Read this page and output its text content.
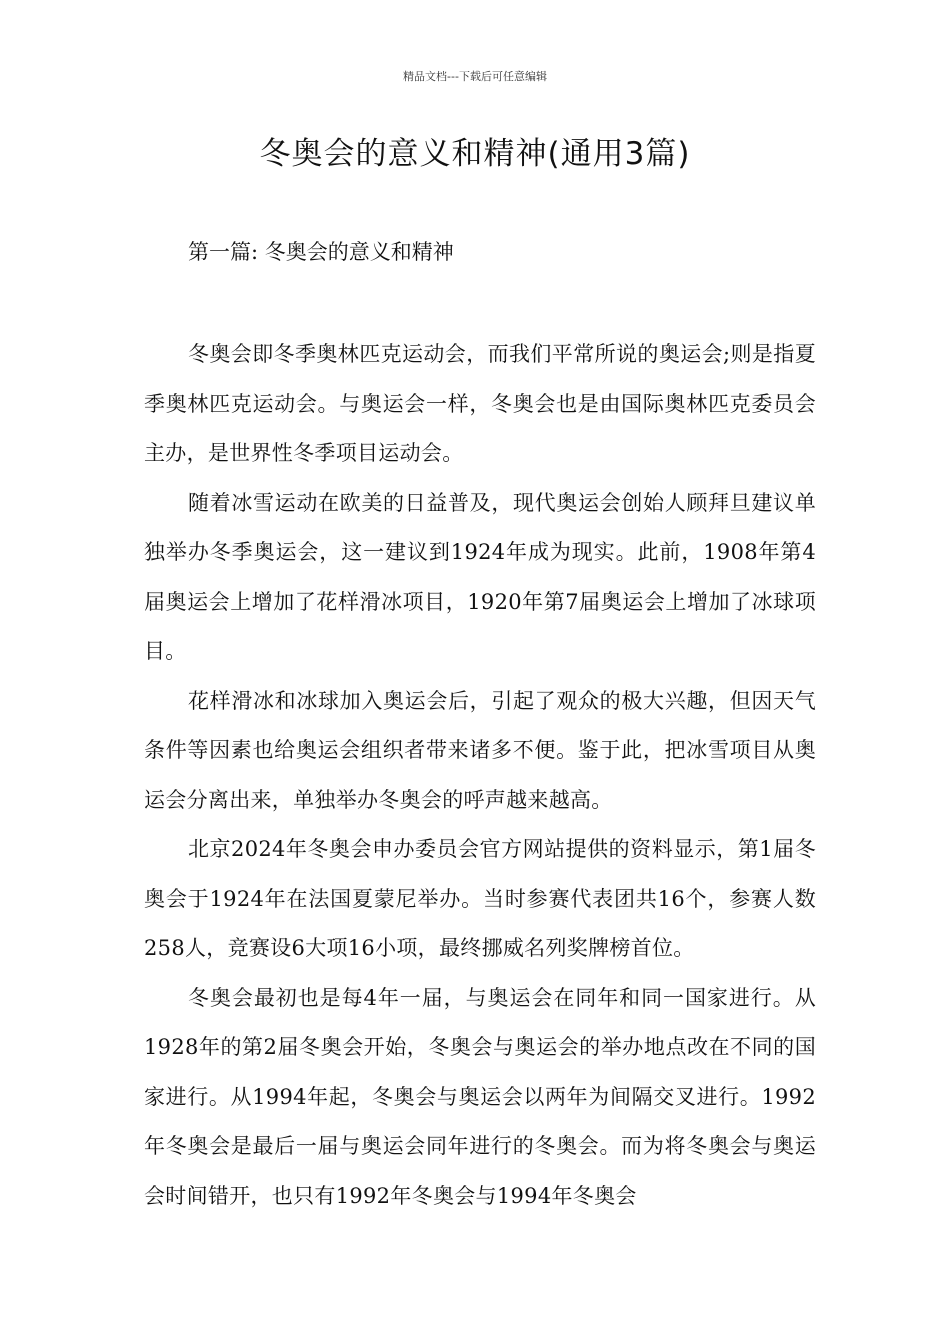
精品文档---下载后可任意编辑
冬奥会的意义和精神(通用3篇)
第一篇: 冬奥会的意义和精神

冬奥会即冬季奥林匹克运动会，而我们平常所说的奥运会;则是指夏季奥林匹克运动会。与奥运会一样，冬奥会也是由国际奥林匹克委员会主办，是世界性冬季项目运动会。

随着冰雪运动在欧美的日益普及，现代奥运会创始人顾拜旦建议单独举办冬季奥运会，这一建议到1924年成为现实。此前，1908年第4届奥运会上增加了花样滑冰项目，1920年第7届奥运会上增加了冰球项目。

花样滑冰和冰球加入奥运会后，引起了观众的极大兴趣，但因天气条件等因素也给奥运会组织者带来诸多不便。鉴于此，把冰雪项目从奥运会分离出来，单独举办冬奥会的呼声越来越高。

北京2024年冬奥会申办委员会官方网站提供的资料显示，第1届冬奥会于1924年在法国夏蒙尼举办。当时参赛代表团共16个，参赛人数258人，竞赛设6大项16小项，最终挪威名列奖牌榜首位。

冬奥会最初也是每4年一届，与奥运会在同年和同一国家进行。从1928年的第2届冬奥会开始，冬奥会与奥运会的举办地点改在不同的国家进行。从1994年起，冬奥会与奥运会以两年为间隔交叉进行。1992年冬奥会是最后一届与奥运会同年进行的冬奥会。而为将冬奥会与奥运会时间错开，也只有1992年冬奥会与1994年冬奥会
